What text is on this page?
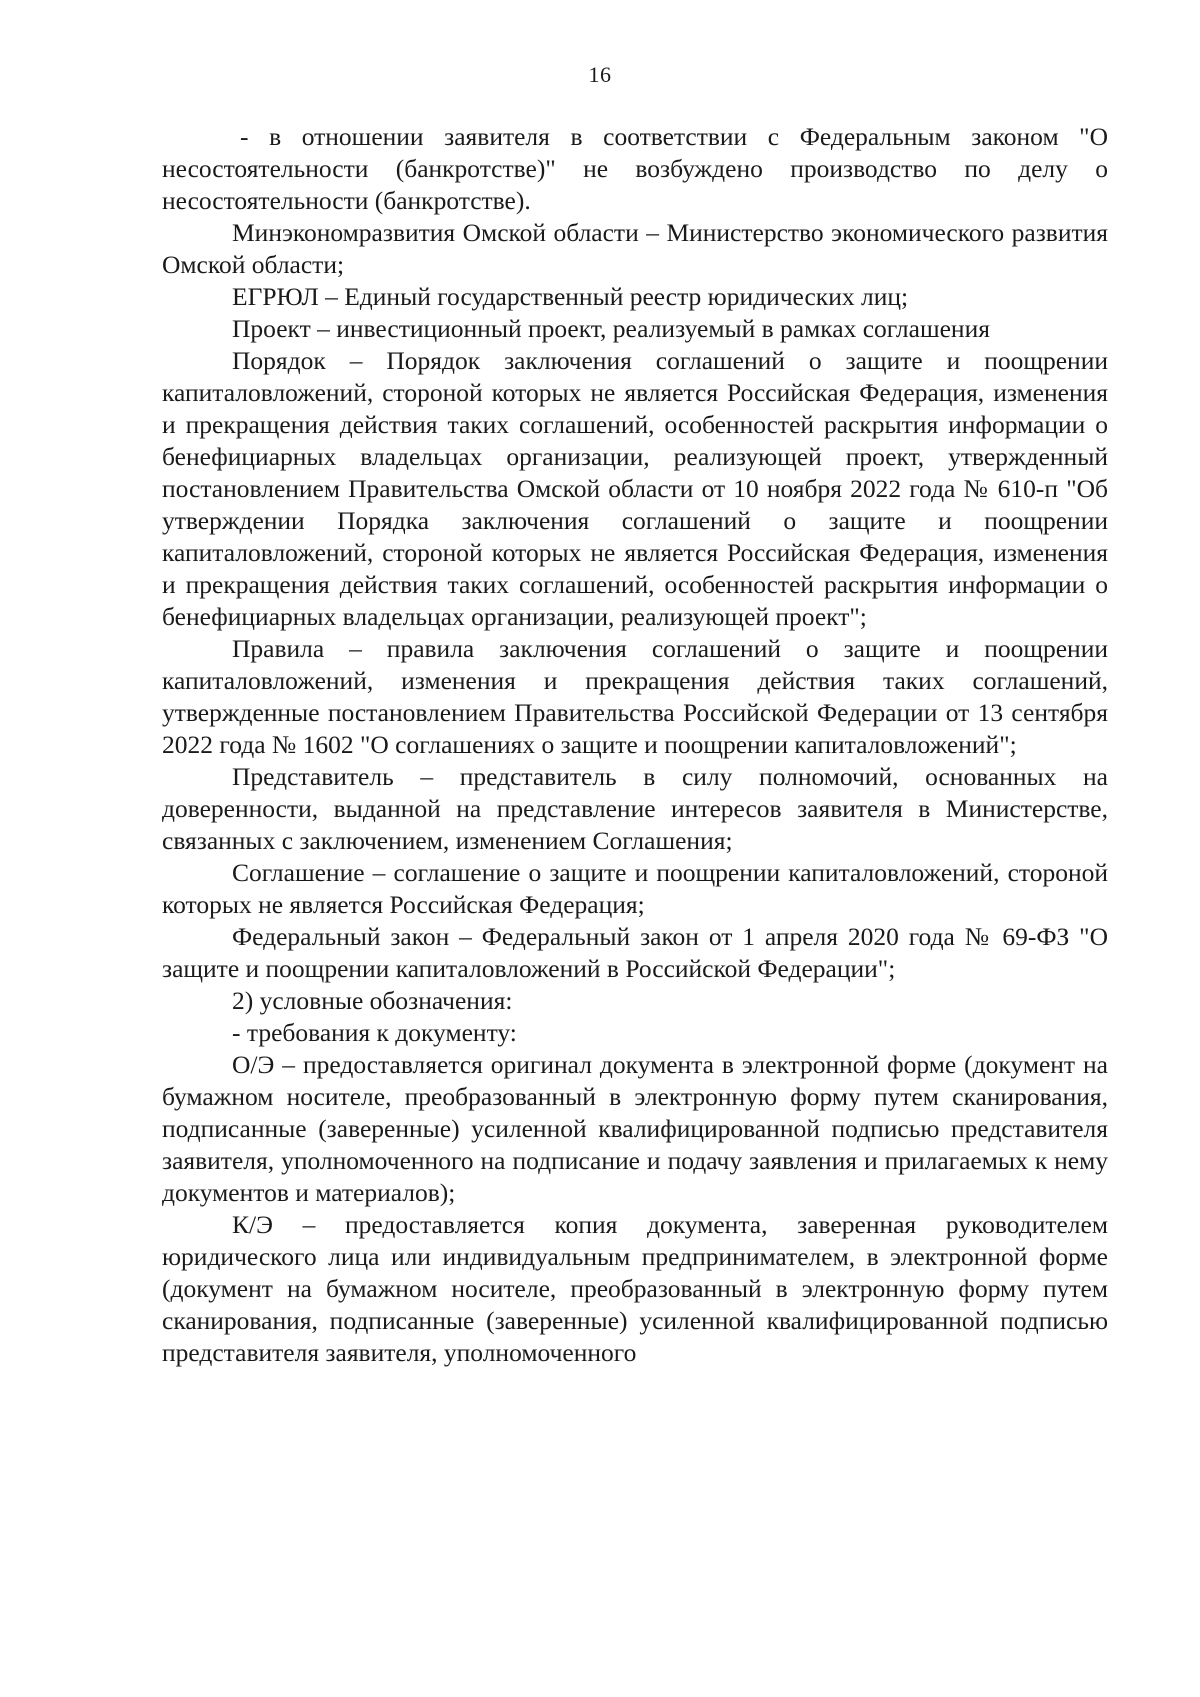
16

- в отношении заявителя в соответствии с Федеральным законом "О несостоятельности (банкротстве)" не возбуждено производство по делу о несостоятельности (банкротстве).

Минэкономразвития Омской области – Министерство экономического развития Омской области;

ЕГРЮЛ – Единый государственный реестр юридических лиц;

Проект – инвестиционный проект, реализуемый в рамках соглашения

Порядок – Порядок заключения соглашений о защите и поощрении капиталовложений, стороной которых не является Российская Федерация, изменения и прекращения действия таких соглашений, особенностей раскрытия информации о бенефициарных владельцах организации, реализующей проект, утвержденный постановлением Правительства Омской области от 10 ноября 2022 года № 610-п "Об утверждении Порядка заключения соглашений о защите и поощрении капиталовложений, стороной которых не является Российская Федерация, изменения и прекращения действия таких соглашений, особенностей раскрытия информации о бенефициарных владельцах организации, реализующей проект";

Правила – правила заключения соглашений о защите и поощрении капиталовложений, изменения и прекращения действия таких соглашений, утвержденные постановлением Правительства Российской Федерации от 13 сентября 2022 года № 1602 "О соглашениях о защите и поощрении капиталовложений";

Представитель – представитель в силу полномочий, основанных на доверенности, выданной на представление интересов заявителя в Министерстве, связанных с заключением, изменением Соглашения;

Соглашение – соглашение о защите и поощрении капиталовложений, стороной которых не является Российская Федерация;

Федеральный закон – Федеральный закон от 1 апреля 2020 года № 69-ФЗ "О защите и поощрении капиталовложений в Российской Федерации";

2) условные обозначения:

- требования к документу:

О/Э – предоставляется оригинал документа в электронной форме (документ на бумажном носителе, преобразованный в электронную форму путем сканирования, подписанные (заверенные) усиленной квалифицированной подписью представителя заявителя, уполномоченного на подписание и подачу заявления и прилагаемых к нему документов и материалов);

К/Э – предоставляется копия документа, заверенная руководителем юридического лица или индивидуальным предпринимателем, в электронной форме (документ на бумажном носителе, преобразованный в электронную форму путем сканирования, подписанные (заверенные) усиленной квалифицированной подписью представителя заявителя, уполномоченного
